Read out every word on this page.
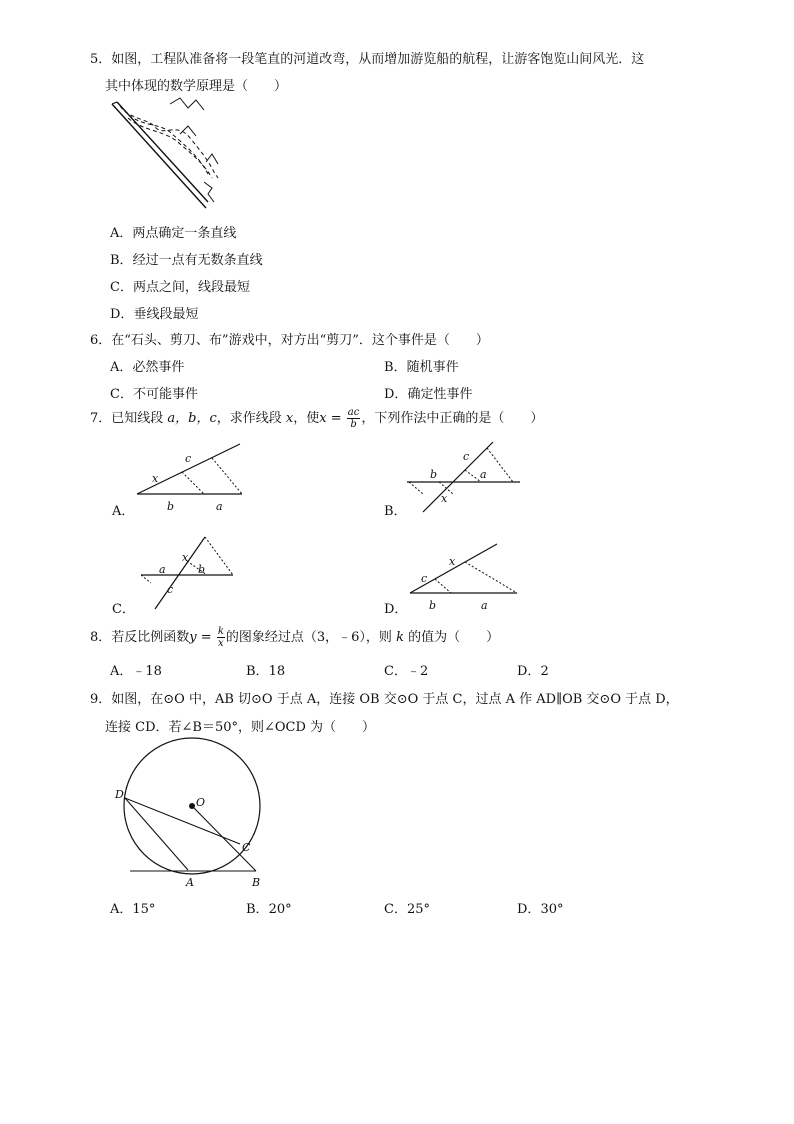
5．如图，工程队准备将一段笔直的河道改弯，从而增加游览船的航程，让游客饱览山间风光．这
其中体现的数学原理是（　　）
A．两点确定一条直线
B．经过一点有无数条直线
C．两点之间，线段最短
D．垂线段最短
6．在“石头、剪刀、布”游戏中，对方出“剪刀”．这个事件是（　　）
A．必然事件	B．随机事件
C．不可能事件	D．确定性事件
7．已知线段 a，b，c，求作线段 x，使$x = \frac{ac}{b}$ ，下列作法中正确的是（　　）
x
c
b	a
A．
b
c
a
x
B．
a
x
b
c
C．
c
x
b	a
D．
8．若反比例函数$y = \frac{k}{x}$ 的图象经过点（3，﹣6），则 k 的值为（　　）
A．﹣18	B．18	C．﹣2	D．2
9．如图，在⊙O 中，AB 切⊙O 于点 A，连接 OB 交⊙O 于点 C，过点 A 作 AD∥OB 交⊙O 于点 D，
连接 CD．若∠B＝50°，则∠OCD 为（　　）
D
O
C
A	B
A．15°	B．20°	C．25°	D．30°
